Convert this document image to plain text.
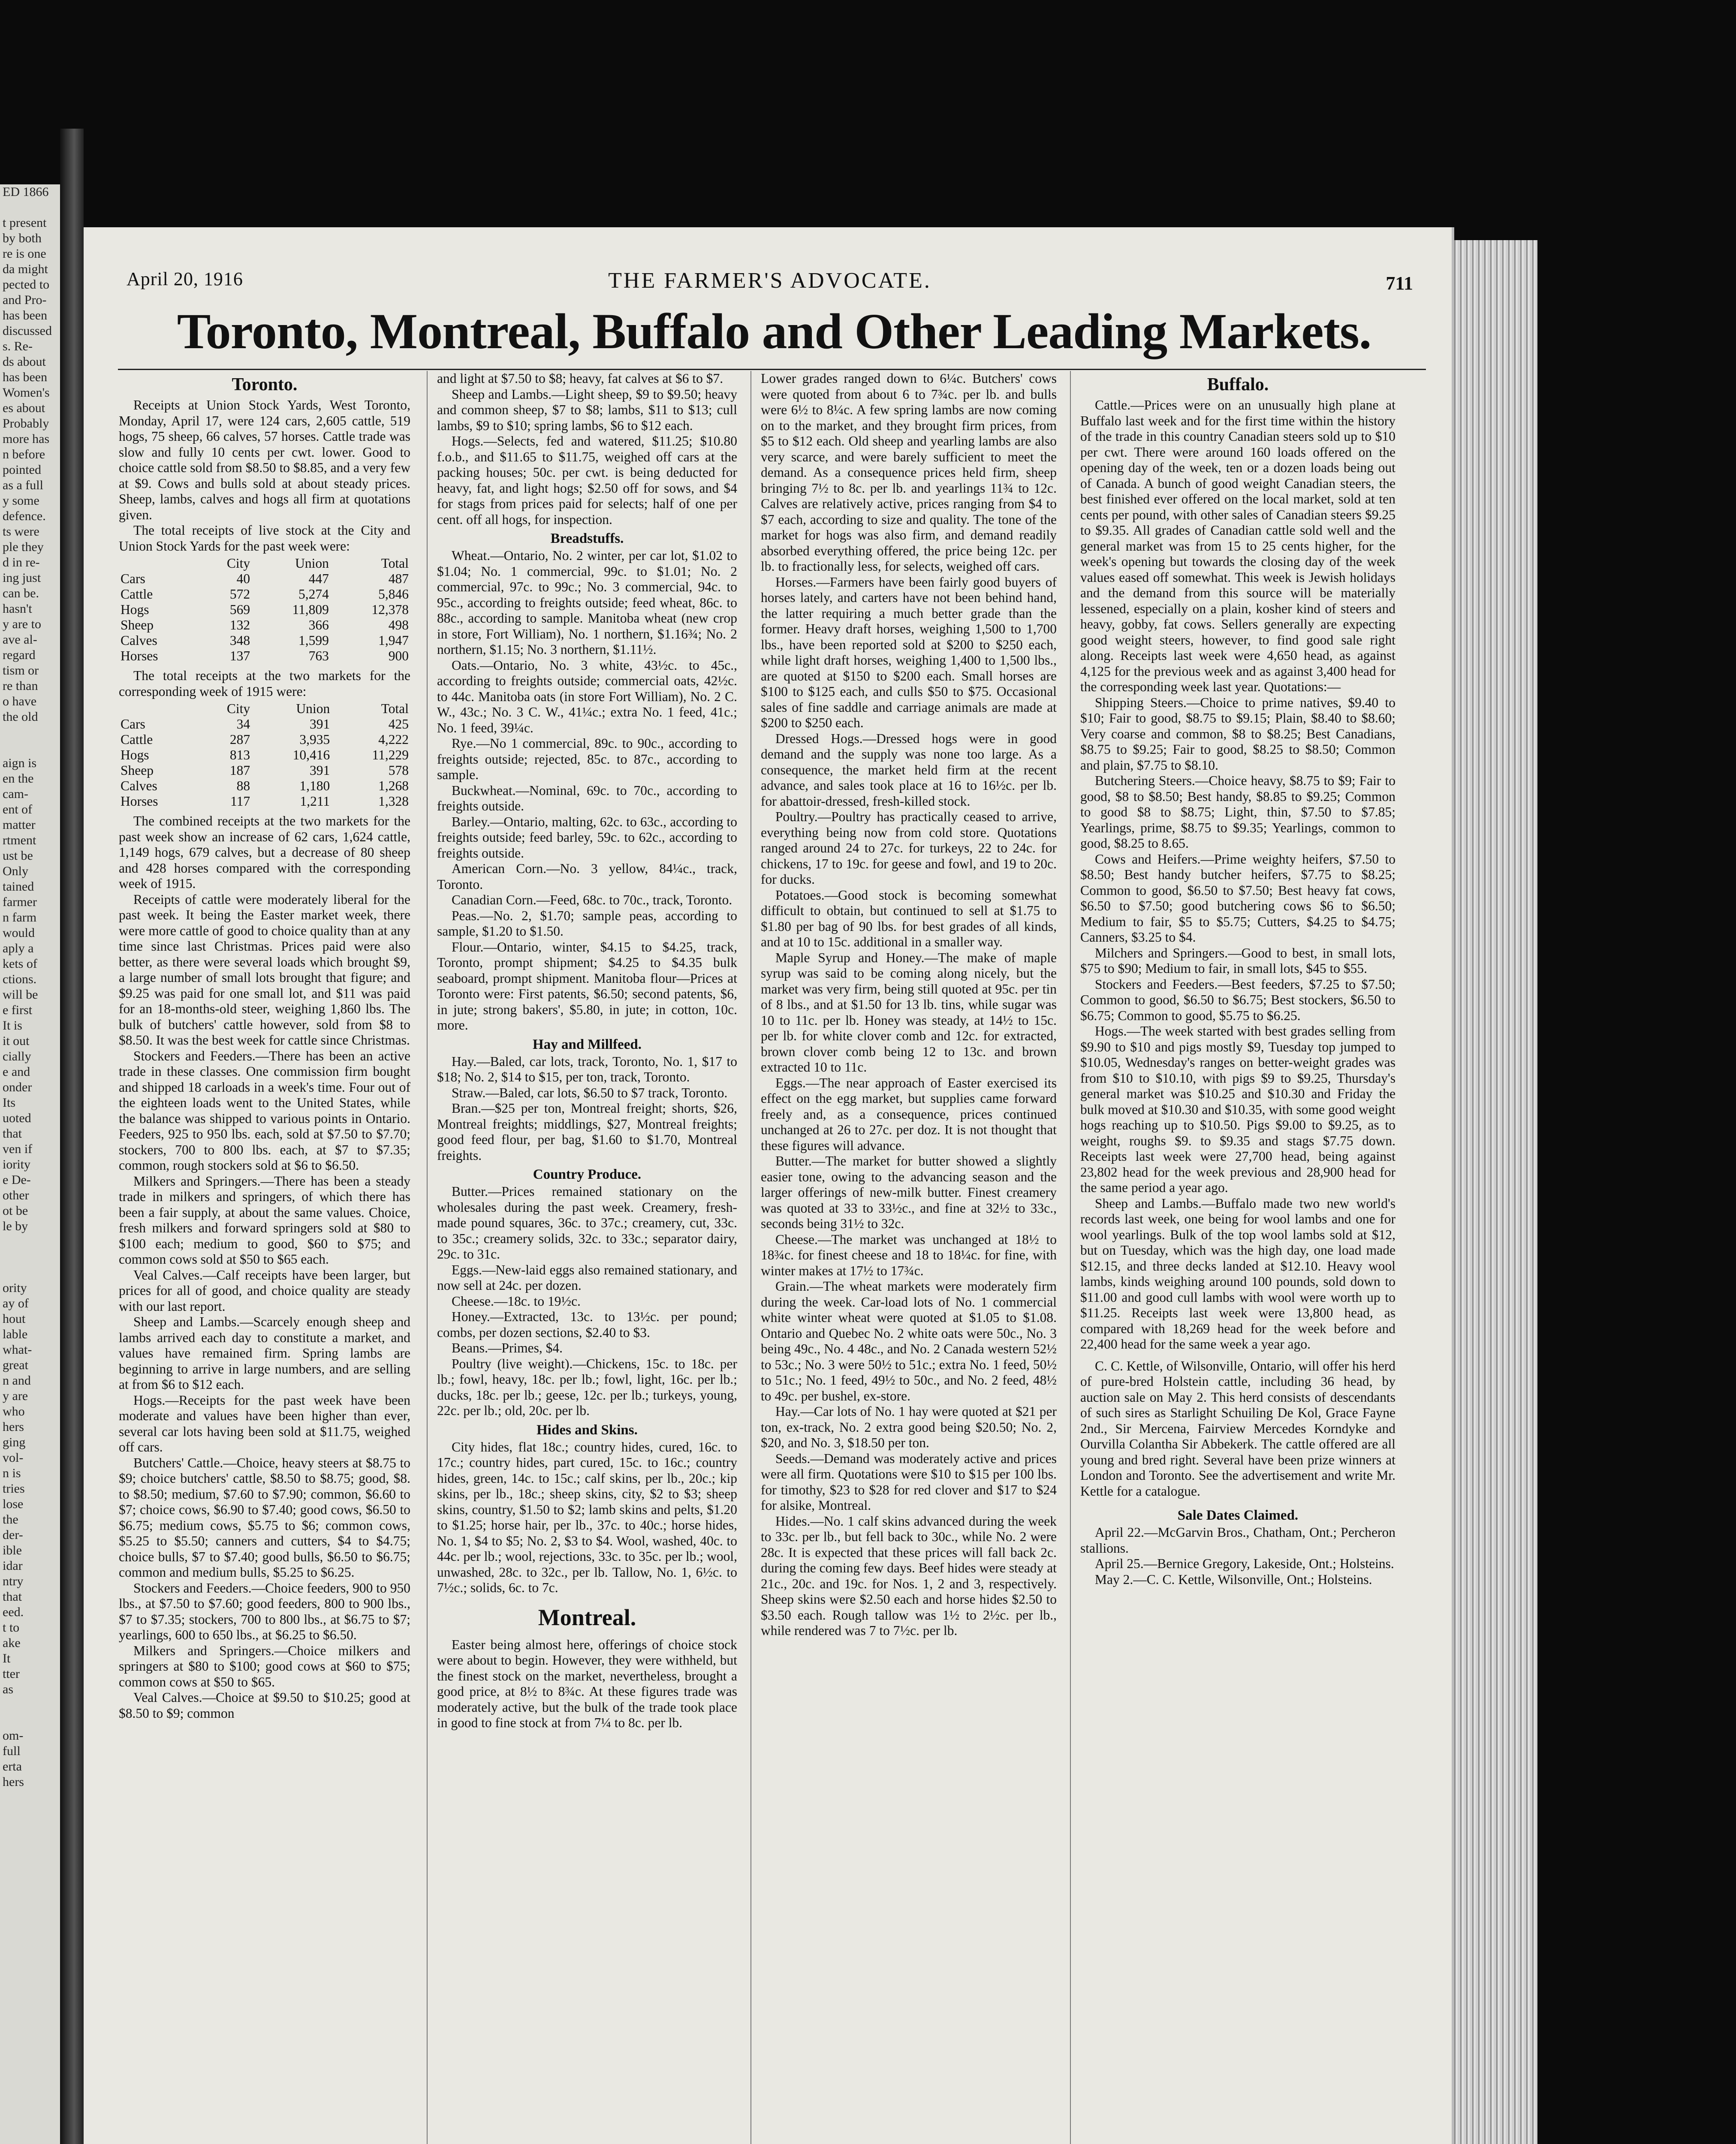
ED 1866
t present
by both
re is one
da might
pected to
and Pro-
has been
discussed
s. Re-
ds about
has been
Women's
es about
Probably
more has
n before
pointed
as a full
y some
defence.
ts were
ple they
d in re-
ing just
can be.
hasn't
y are to
ave al-
regard
tism or
re than
o have
the old
aign is
en the
cam-
ent of
matter
rtment
ust be
Only
tained
farmer
n farm
would
aply a
kets of
ctions.
will be
e first
It is
it out
cially
e and
onder
Its
uoted
that
ven if
iority
e De-
other
ot be
le by
ority
ay of
hout
lable
what-
great
n and
y are
who
hers
ging
vol-
n is
tries
lose
the
der-
ible
idar
ntry
that
eed.
t to
ake
It
tter
as
om-
full
erta
hers
April 20, 1916	THE FARMER'S ADVOCATE.	711
Toronto, Montreal, Buffalo and Other Leading Markets.

Toronto.

Receipts at Union Stock Yards, West Toronto, Monday, April 17, were 124 cars, 2,605 cattle, 519 hogs, 75 sheep, 66 calves, 57 horses. Cattle trade was slow and fully 10 cents per cwt. lower. Good to choice cattle sold from $8.50 to $8.85, and a very few at $9. Cows and bulls sold at about steady prices. Sheep, lambs, calves and hogs all firm at quotations given.

The total receipts of live stock at the City and Union Stock Yards for the past week were:

	City	Union	Total
Cars	40	447	487
Cattle	572	5,274	5,846
Hogs	569	11,809	12,378
Sheep	132	366	498
Calves	348	1,599	1,947
Horses	137	763	900

The total receipts at the two markets for the corresponding week of 1915 were:

	City	Union	Total
Cars	34	391	425
Cattle	287	3,935	4,222
Hogs	813	10,416	11,229
Sheep	187	391	578
Calves	88	1,180	1,268
Horses	117	1,211	1,328

The combined receipts at the two markets for the past week show an increase of 62 cars, 1,624 cattle, 1,149 hogs, 679 calves, but a decrease of 80 sheep and 428 horses compared with the corresponding week of 1915.

Receipts of cattle were moderately liberal for the past week. It being the Easter market week, there were more cattle of good to choice quality than at any time since last Christmas. Prices paid were also better, as there were several loads which brought $9, a large number of small lots brought that figure; and $9.25 was paid for one small lot, and $11 was paid for an 18-months-old steer, weighing 1,860 lbs. The bulk of butchers' cattle however, sold from $8 to $8.50. It was the best week for cattle since Christmas.

Stockers and Feeders.—There has been an active trade in these classes. One commission firm bought and shipped 18 carloads in a week's time. Four out of the eighteen loads went to the United States, while the balance was shipped to various points in Ontario. Feeders, 925 to 950 lbs. each, sold at $7.50 to $7.70; stockers, 700 to 800 lbs. each, at $7 to $7.35; common, rough stockers sold at $6 to $6.50.

Milkers and Springers.—There has been a steady trade in milkers and springers, of which there has been a fair supply, at about the same values. Choice, fresh milkers and forward springers sold at $80 to $100 each; medium to good, $60 to $75; and common cows sold at $50 to $65 each.

Veal Calves.—Calf receipts have been larger, but prices for all of good, and choice quality are steady with our last report.

Sheep and Lambs.—Scarcely enough sheep and lambs arrived each day to constitute a market, and values have remained firm. Spring lambs are beginning to arrive in large numbers, and are selling at from $6 to $12 each.

Hogs.—Receipts for the past week have been moderate and values have been higher than ever, several car lots having been sold at $11.75, weighed off cars.

Butchers' Cattle.—Choice, heavy steers at $8.75 to $9; choice butchers' cattle, $8.50 to $8.75; good, $8. to $8.50; medium, $7.60 to $7.90; common, $6.60 to $7; choice cows, $6.90 to $7.40; good cows, $6.50 to $6.75; medium cows, $5.75 to $6; common cows, $5.25 to $5.50; canners and cutters, $4 to $4.75; choice bulls, $7 to $7.40; good bulls, $6.50 to $6.75; common and medium bulls, $5.25 to $6.25.

Stockers and Feeders.—Choice feeders, 900 to 950 lbs., at $7.50 to $7.60; good feeders, 800 to 900 lbs., $7 to $7.35; stockers, 700 to 800 lbs., at $6.75 to $7; yearlings, 600 to 650 lbs., at $6.25 to $6.50.

Milkers and Springers.—Choice milkers and springers at $80 to $100; good cows at $60 to $75; common cows at $50 to $65.

Veal Calves.—Choice at $9.50 to $10.25; good at $8.50 to $9; common

and light at $7.50 to $8; heavy, fat calves at $6 to $7.

Sheep and Lambs.—Light sheep, $9 to $9.50; heavy and common sheep, $7 to $8; lambs, $11 to $13; cull lambs, $9 to $10; spring lambs, $6 to $12 each.

Hogs.—Selects, fed and watered, $11.25; $10.80 f.o.b., and $11.65 to $11.75, weighed off cars at the packing houses; 50c. per cwt. is being deducted for heavy, fat, and light hogs; $2.50 off for sows, and $4 for stags from prices paid for selects; half of one per cent. off all hogs, for inspection.

Breadstuffs.

Wheat.—Ontario, No. 2 winter, per car lot, $1.02 to $1.04; No. 1 commercial, 99c. to $1.01; No. 2 commercial, 97c. to 99c.; No. 3 commercial, 94c. to 95c., according to freights outside; feed wheat, 86c. to 88c., according to sample. Manitoba wheat (new crop in store, Fort William), No. 1 northern, $1.16¾; No. 2 northern, $1.15; No. 3 northern, $1.11½.

Oats.—Ontario, No. 3 white, 43½c. to 45c., according to freights outside; commercial oats, 42½c. to 44c. Manitoba oats (in store Fort William), No. 2 C. W., 43c.; No. 3 C. W., 41¼c.; extra No. 1 feed, 41c.; No. 1 feed, 39¼c.

Rye.—No 1 commercial, 89c. to 90c., according to freights outside; rejected, 85c. to 87c., according to sample.

Buckwheat.—Nominal, 69c. to 70c., according to freights outside.

Barley.—Ontario, malting, 62c. to 63c., according to freights outside; feed barley, 59c. to 62c., according to freights outside.

American Corn.—No. 3 yellow, 84¼c., track, Toronto.

Canadian Corn.—Feed, 68c. to 70c., track, Toronto.

Peas.—No. 2, $1.70; sample peas, according to sample, $1.20 to $1.50.

Flour.—Ontario, winter, $4.15 to $4.25, track, Toronto, prompt shipment; $4.25 to $4.35 bulk seaboard, prompt shipment. Manitoba flour—Prices at Toronto were: First patents, $6.50; second patents, $6, in jute; strong bakers', $5.80, in jute; in cotton, 10c. more.

Hay and Millfeed.

Hay.—Baled, car lots, track, Toronto, No. 1, $17 to $18; No. 2, $14 to $15, per ton, track, Toronto.

Straw.—Baled, car lots, $6.50 to $7 track, Toronto.

Bran.—$25 per ton, Montreal freight; shorts, $26, Montreal freights; middlings, $27, Montreal freights; good feed flour, per bag, $1.60 to $1.70, Montreal freights.

Country Produce.

Butter.—Prices remained stationary on the wholesales during the past week. Creamery, fresh-made pound squares, 36c. to 37c.; creamery, cut, 33c. to 35c.; creamery solids, 32c. to 33c.; separator dairy, 29c. to 31c.

Eggs.—New-laid eggs also remained stationary, and now sell at 24c. per dozen.

Cheese.—18c. to 19½c.

Honey.—Extracted, 13c. to 13½c. per pound; combs, per dozen sections, $2.40 to $3.

Beans.—Primes, $4.

Poultry (live weight).—Chickens, 15c. to 18c. per lb.; fowl, heavy, 18c. per lb.; fowl, light, 16c. per lb.; ducks, 18c. per lb.; geese, 12c. per lb.; turkeys, young, 22c. per lb.; old, 20c. per lb.

Hides and Skins.

City hides, flat 18c.; country hides, cured, 16c. to 17c.; country hides, part cured, 15c. to 16c.; country hides, green, 14c. to 15c.; calf skins, per lb., 20c.; kip skins, per lb., 18c.; sheep skins, city, $2 to $3; sheep skins, country, $1.50 to $2; lamb skins and pelts, $1.20 to $1.25; horse hair, per lb., 37c. to 40c.; horse hides, No. 1, $4 to $5; No. 2, $3 to $4. Wool, washed, 40c. to 44c. per lb.; wool, rejections, 33c. to 35c. per lb.; wool, unwashed, 28c. to 32c., per lb. Tallow, No. 1, 6½c. to 7½c.; solids, 6c. to 7c.

Montreal.

Easter being almost here, offerings of choice stock were about to begin. However, they were withheld, but the finest stock on the market, nevertheless, brought a good price, at 8½ to 8¾c. At these figures trade was moderately active, but the bulk of the trade took place in good to fine stock at from 7¼ to 8c. per lb.

Lower grades ranged down to 6¼c. Butchers' cows were quoted from about 6 to 7¾c. per lb. and bulls were 6½ to 8¼c. A few spring lambs are now coming on to the market, and they brought firm prices, from $5 to $12 each. Old sheep and yearling lambs are also very scarce, and were barely sufficient to meet the demand. As a consequence prices held firm, sheep bringing 7½ to 8c. per lb. and yearlings 11¾ to 12c. Calves are relatively active, prices ranging from $4 to $7 each, according to size and quality. The tone of the market for hogs was also firm, and demand readily absorbed everything offered, the price being 12c. per lb. to fractionally less, for selects, weighed off cars.

Horses.—Farmers have been fairly good buyers of horses lately, and carters have not been behind hand, the latter requiring a much better grade than the former. Heavy draft horses, weighing 1,500 to 1,700 lbs., have been reported sold at $200 to $250 each, while light draft horses, weighing 1,400 to 1,500 lbs., are quoted at $150 to $200 each. Small horses are $100 to $125 each, and culls $50 to $75. Occasional sales of fine saddle and carriage animals are made at $200 to $250 each.

Dressed Hogs.—Dressed hogs were in good demand and the supply was none too large. As a consequence, the market held firm at the recent advance, and sales took place at 16 to 16½c. per lb. for abattoir-dressed, fresh-killed stock.

Poultry.—Poultry has practically ceased to arrive, everything being now from cold store. Quotations ranged around 24 to 27c. for turkeys, 22 to 24c. for chickens, 17 to 19c. for geese and fowl, and 19 to 20c. for ducks.

Potatoes.—Good stock is becoming somewhat difficult to obtain, but continued to sell at $1.75 to $1.80 per bag of 90 lbs. for best grades of all kinds, and at 10 to 15c. additional in a smaller way.

Maple Syrup and Honey.—The make of maple syrup was said to be coming along nicely, but the market was very firm, being still quoted at 95c. per tin of 8 lbs., and at $1.50 for 13 lb. tins, while sugar was 10 to 11c. per lb. Honey was steady, at 14½ to 15c. per lb. for white clover comb and 12c. for extracted, brown clover comb being 12 to 13c. and brown extracted 10 to 11c.

Eggs.—The near approach of Easter exercised its effect on the egg market, but supplies came forward freely and, as a consequence, prices continued unchanged at 26 to 27c. per doz. It is not thought that these figures will advance.

Butter.—The market for butter showed a slightly easier tone, owing to the advancing season and the larger offerings of new-milk butter. Finest creamery was quoted at 33 to 33½c., and fine at 32½ to 33c., seconds being 31½ to 32c.

Cheese.—The market was unchanged at 18½ to 18¾c. for finest cheese and 18 to 18¼c. for fine, with winter makes at 17½ to 17¾c.

Grain.—The wheat markets were moderately firm during the week. Car-load lots of No. 1 commercial white winter wheat were quoted at $1.05 to $1.08. Ontario and Quebec No. 2 white oats were 50c., No. 3 being 49c., No. 4 48c., and No. 2 Canada western 52½ to 53c.; No. 3 were 50½ to 51c.; extra No. 1 feed, 50½ to 51c.; No. 1 feed, 49½ to 50c., and No. 2 feed, 48½ to 49c. per bushel, ex-store.

Hay.—Car lots of No. 1 hay were quoted at $21 per ton, ex-track, No. 2 extra good being $20.50; No. 2, $20, and No. 3, $18.50 per ton.

Seeds.—Demand was moderately active and prices were all firm. Quotations were $10 to $15 per 100 lbs. for timothy, $23 to $28 for red clover and $17 to $24 for alsike, Montreal.

Hides.—No. 1 calf skins advanced during the week to 33c. per lb., but fell back to 30c., while No. 2 were 28c. It is expected that these prices will fall back 2c. during the coming few days. Beef hides were steady at 21c., 20c. and 19c. for Nos. 1, 2 and 3, respectively. Sheep skins were $2.50 each and horse hides $2.50 to $3.50 each. Rough tallow was 1½ to 2½c. per lb., while rendered was 7 to 7½c. per lb.

Buffalo.

Cattle.—Prices were on an unusually high plane at Buffalo last week and for the first time within the history of the trade in this country Canadian steers sold up to $10 per cwt. There were around 160 loads offered on the opening day of the week, ten or a dozen loads being out of Canada. A bunch of good weight Canadian steers, the best finished ever offered on the local market, sold at ten cents per pound, with other sales of Canadian steers $9.25 to $9.35. All grades of Canadian cattle sold well and the general market was from 15 to 25 cents higher, for the week's opening but towards the closing day of the week values eased off somewhat. This week is Jewish holidays and the demand from this source will be materially lessened, especially on a plain, kosher kind of steers and heavy, gobby, fat cows. Sellers generally are expecting good weight steers, however, to find good sale right along. Receipts last week were 4,650 head, as against 4,125 for the previous week and as against 3,400 head for the corresponding week last year. Quotations:—

Shipping Steers.—Choice to prime natives, $9.40 to $10; Fair to good, $8.75 to $9.15; Plain, $8.40 to $8.60; Very coarse and common, $8 to $8.25; Best Canadians, $8.75 to $9.25; Fair to good, $8.25 to $8.50; Common and plain, $7.75 to $8.10.

Butchering Steers.—Choice heavy, $8.75 to $9; Fair to good, $8 to $8.50; Best handy, $8.85 to $9.25; Common to good $8 to $8.75; Light, thin, $7.50 to $7.85; Yearlings, prime, $8.75 to $9.35; Yearlings, common to good, $8.25 to 8.65.

Cows and Heifers.—Prime weighty heifers, $7.50 to $8.50; Best handy butcher heifers, $7.75 to $8.25; Common to good, $6.50 to $7.50; Best heavy fat cows, $6.50 to $7.50; good butchering cows $6 to $6.50; Medium to fair, $5 to $5.75; Cutters, $4.25 to $4.75; Canners, $3.25 to $4.

Milchers and Springers.—Good to best, in small lots, $75 to $90; Medium to fair, in small lots, $45 to $55.

Stockers and Feeders.—Best feeders, $7.25 to $7.50; Common to good, $6.50 to $6.75; Best stockers, $6.50 to $6.75; Common to good, $5.75 to $6.25.

Hogs.—The week started with best grades selling from $9.90 to $10 and pigs mostly $9, Tuesday top jumped to $10.05, Wednesday's ranges on better-weight grades was from $10 to $10.10, with pigs $9 to $9.25, Thursday's general market was $10.25 and $10.30 and Friday the bulk moved at $10.30 and $10.35, with some good weight hogs reaching up to $10.50. Pigs $9.00 to $9.25, as to weight, roughs $9. to $9.35 and stags $7.75 down. Receipts last week were 27,700 head, being against 23,802 head for the week previous and 28,900 head for the same period a year ago.

Sheep and Lambs.—Buffalo made two new world's records last week, one being for wool lambs and one for wool yearlings. Bulk of the top wool lambs sold at $12, but on Tuesday, which was the high day, one load made $12.15, and three decks landed at $12.10. Heavy wool lambs, kinds weighing around 100 pounds, sold down to $11.00 and good cull lambs with wool were worth up to $11.25. Receipts last week were 13,800 head, as compared with 18,269 head for the week before and 22,400 head for the same week a year ago.

C. C. Kettle, of Wilsonville, Ontario, will offer his herd of pure-bred Holstein cattle, including 36 head, by auction sale on May 2. This herd consists of descendants of such sires as Starlight Schuiling De Kol, Grace Fayne 2nd., Sir Mercena, Fairview Mercedes Korndyke and Ourvilla Colantha Sir Abbekerk. The cattle offered are all young and bred right. Several have been prize winners at London and Toronto. See the advertisement and write Mr. Kettle for a catalogue.

Sale Dates Claimed.

April 22.—McGarvin Bros., Chatham, Ont.; Percheron stallions.

April 25.—Bernice Gregory, Lakeside, Ont.; Holsteins.

May 2.—C. C. Kettle, Wilsonville, Ont.; Holsteins.
